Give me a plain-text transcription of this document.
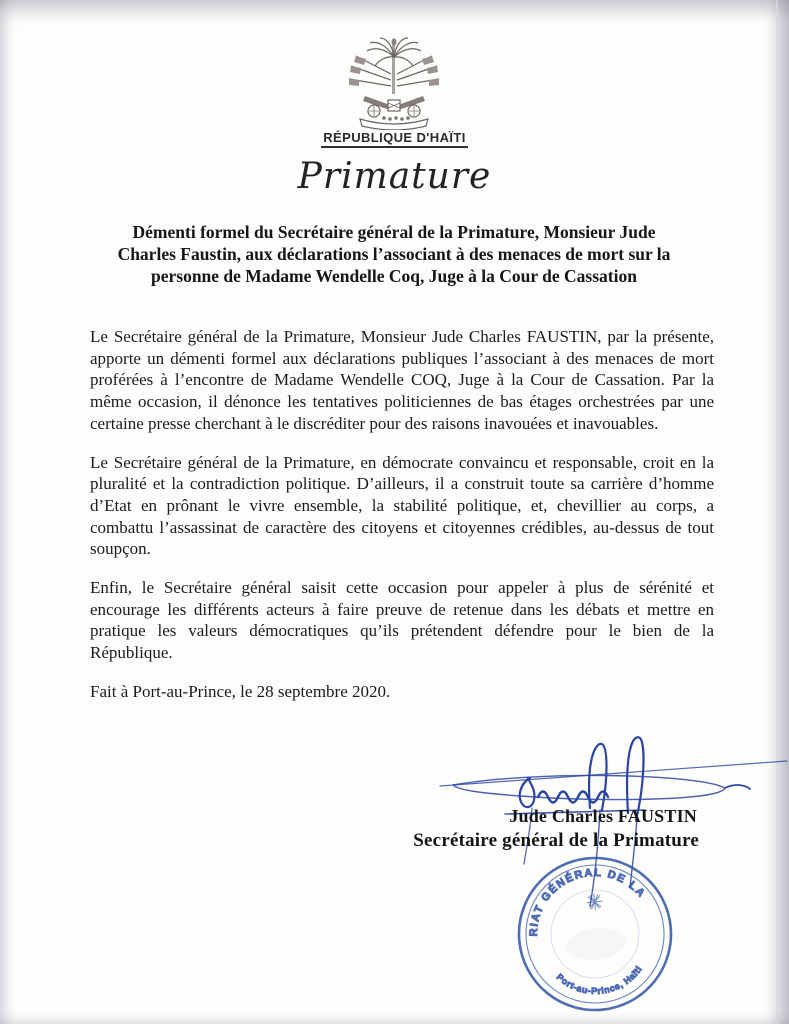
RÉPUBLIQUE D'HAÏTI
Primature
Démenti formel du Secrétaire général de la Primature, Monsieur Jude
Charles Faustin, aux déclarations l’associant à des menaces de mort sur la
personne de Madame Wendelle Coq, Juge à la Cour de Cassation

Le Secrétaire général de la Primature, Monsieur Jude Charles FAUSTIN, par la présente, apporte un démenti formel aux déclarations publiques l’associant à des menaces de mort proférées à l’encontre de Madame Wendelle COQ, Juge à la Cour de Cassation. Par la même occasion, il dénonce les tentatives politiciennes de bas étages orchestrées par une certaine presse cherchant à le discréditer pour des raisons inavouées et inavouables.

Le Secrétaire général de la Primature, en démocrate convaincu et responsable, croit en la pluralité et la contradiction politique. D’ailleurs, il a construit toute sa carrière d’homme d’Etat en prônant le vivre ensemble, la stabilité politique, et, chevillier au corps, a combattu l’assassinat de caractère des citoyens et citoyennes crédibles, au-dessus de tout soupçon.

Enfin, le Secrétaire général saisit cette occasion pour appeler à plus de sérénité et encourage les différents acteurs à faire preuve de retenue dans les débats et mettre en pratique les valeurs démocratiques qu’ils prétendent défendre pour le bien de la République.

Fait à Port-au-Prince, le 28 septembre 2020.

Jude Charles FAUSTIN
Secrétaire général de la Primature
RIAT GÉNÉRAL DE LA
Port-au-Prince, Haïti
